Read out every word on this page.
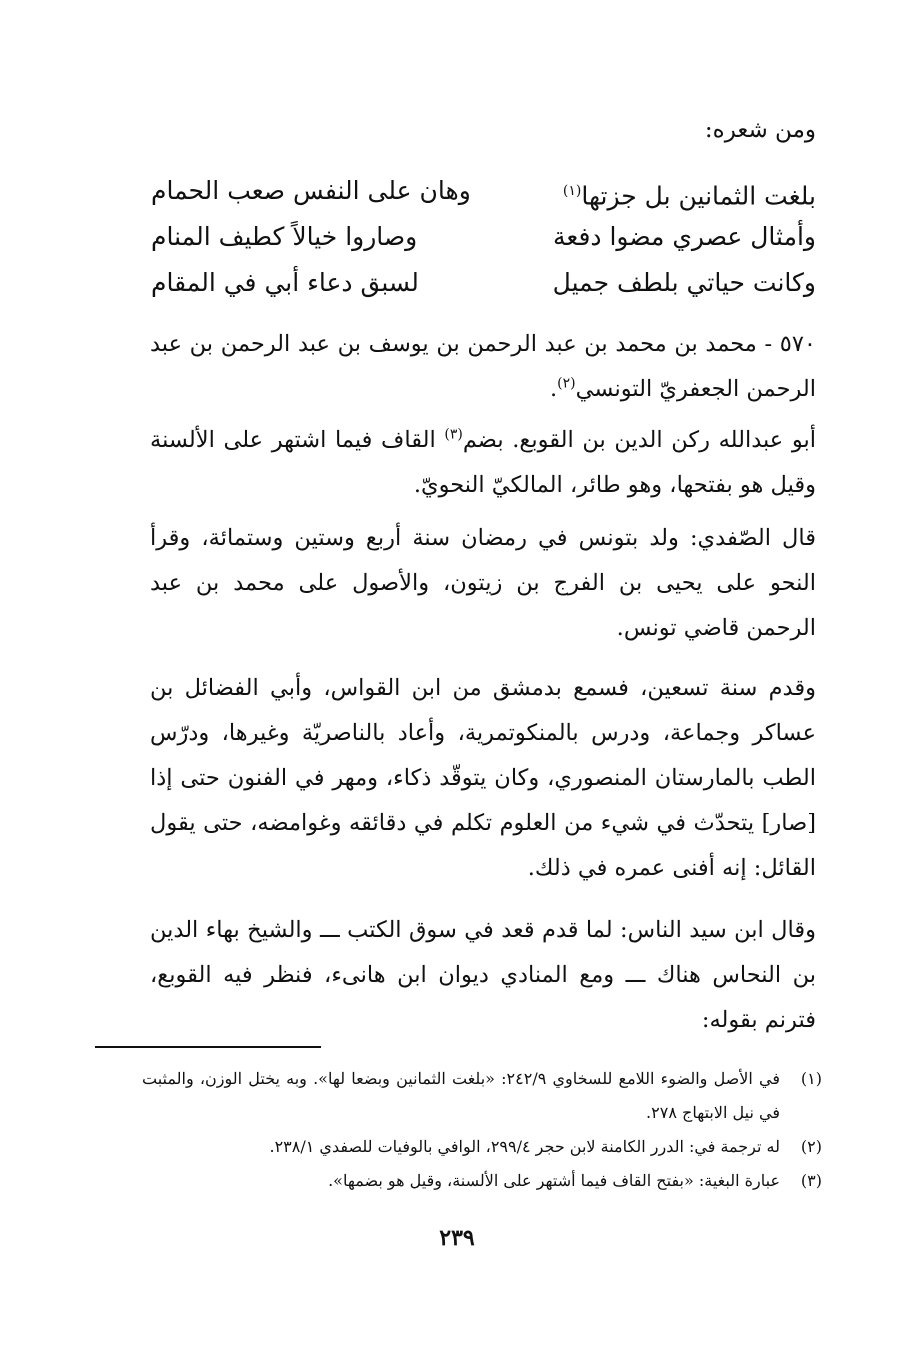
ومن شعره:

بلغت الثمانين بل جزتها$^{(١)}$
وهان على النفس صعب الحمام
وأمثال عصري مضوا دفعة
وصاروا خيالاً كطيف المنام
وكانت حياتي بلطف جميل
لسبق دعاء أبي في المقام

٥٧٠ - محمد بن محمد بن عبد الرحمن بن يوسف بن عبد الرحمن بن عبد الرحمن الجعفريّ التونسي$^{(٢)}$.

أبو عبدالله ركن الدين بن القوبع. بضم$^{(٣)}$ القاف فيما اشتهر على الألسنة وقيل هو بفتحها، وهو طائر، المالكيّ النحويّ.

قال الصّفدي: ولد بتونس في رمضان سنة أربع وستين وستمائة، وقرأ النحو على يحيى بن الفرج بن زيتون، والأصول على محمد بن عبد الرحمن قاضي تونس.

وقدم سنة تسعين، فسمع بدمشق من ابن القواس، وأبي الفضائل بن عساكر وجماعة، ودرس بالمنكوتمرية، وأعاد بالناصريّة وغيرها، ودرّس الطب بالمارستان المنصوري، وكان يتوقّد ذكاء، ومهر في الفنون حتى إذا [صار] يتحدّث في شيء من العلوم تكلم في دقائقه وغوامضه، حتى يقول القائل: إنه أفنى عمره في ذلك.

وقال ابن سيد الناس: لما قدم قعد في سوق الكتب ـــ والشيخ بهاء الدين بن النحاس هناك ـــ ومع المنادي ديوان ابن هانىء، فنظر فيه القوبع، فترنم بقوله:

(١)
في الأصل والضوء اللامع للسخاوي ٢٤٢/٩: «بلغت الثمانين وبضعا لها». وبه يختل الوزن، والمثبت في نيل الابتهاج ٢٧٨.
(٢)
له ترجمة في: الدرر الكامنة لابن حجر ٢٩٩/٤، الوافي بالوفيات للصفدي ٢٣٨/١.
(٣)
عبارة البغية: «بفتح القاف فيما أشتهر على الألسنة، وقيل هو بضمها».
٢٣٩
